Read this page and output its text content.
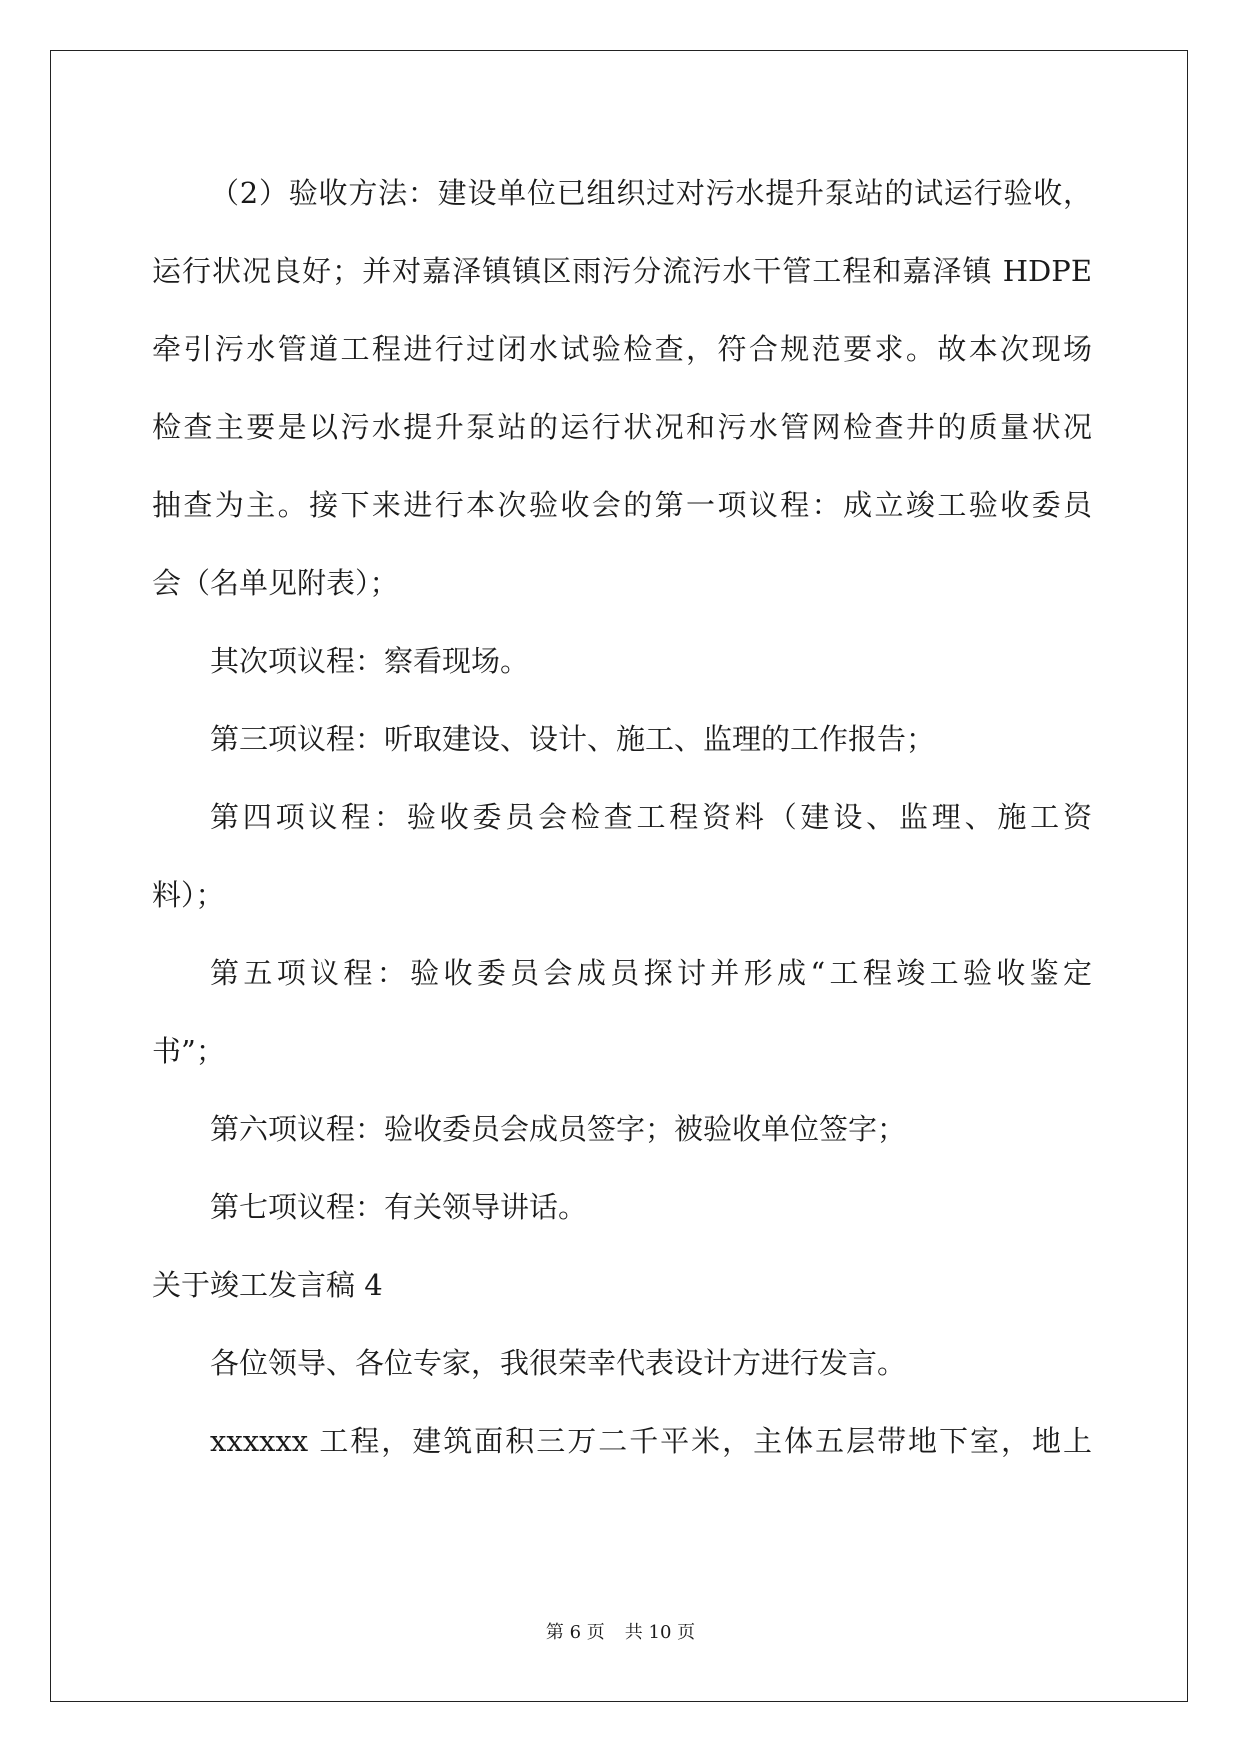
（2）验收方法：建设单位已组织过对污水提升泵站的试运行验收，
运行状况良好；并对嘉泽镇镇区雨污分流污水干管工程和嘉泽镇 HDPE
牵引污水管道工程进行过闭水试验检查，符合规范要求。故本次现场
检查主要是以污水提升泵站的运行状况和污水管网检查井的质量状况
抽查为主。接下来进行本次验收会的第一项议程：成立竣工验收委员
会（名单见附表）；
其次项议程：察看现场。
第三项议程：听取建设、设计、施工、监理的工作报告；
第四项议程：验收委员会检查工程资料（建设、监理、施工资
料）；
第五项议程：验收委员会成员探讨并形成“工程竣工验收鉴定
书”；
第六项议程：验收委员会成员签字；被验收单位签字；
第七项议程：有关领导讲话。
关于竣工发言稿 4
各位领导、各位专家，我很荣幸代表设计方进行发言。
xxxxxx 工程，建筑面积三万二千平米，主体五层带地下室，地上
第 6 页 共 10 页
